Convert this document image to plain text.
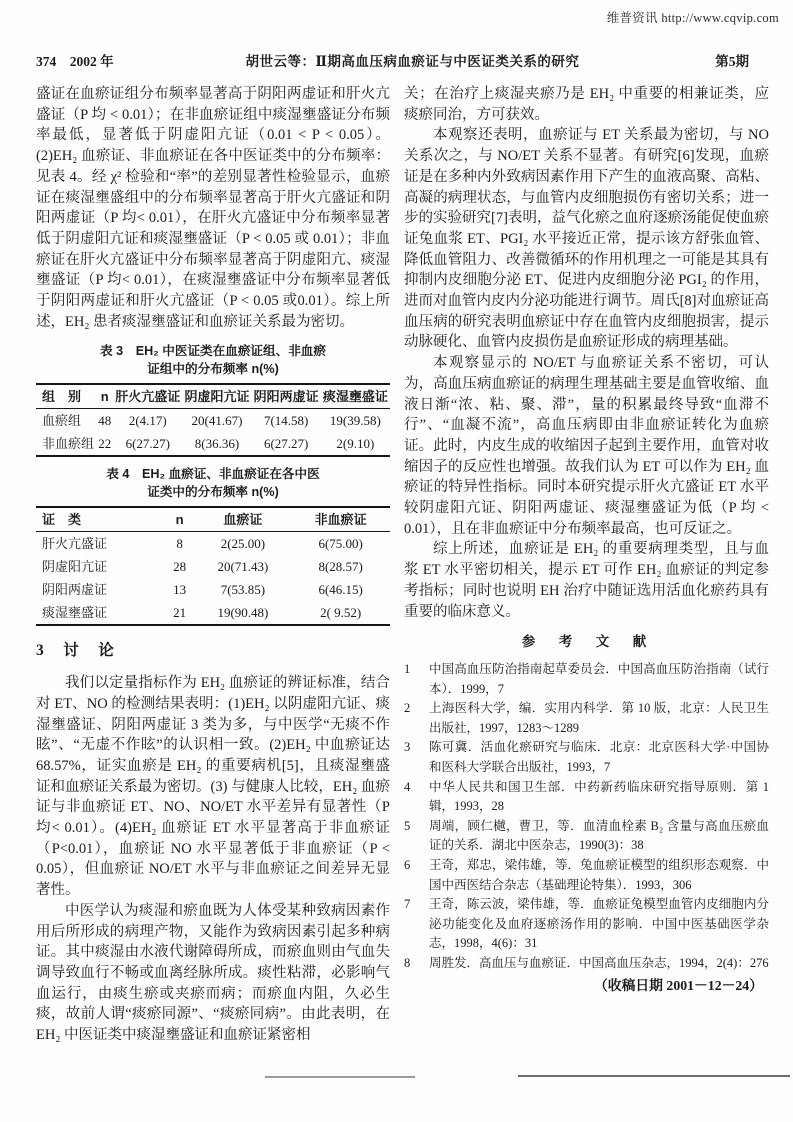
维普资讯 http://www.cqvip.com
374　2002 年	胡世云等：Ⅱ期高血压病血瘀证与中医证类关系的研究	第5期

盛证在血瘀证组分布频率显著高于阴阳两虚证和肝火亢盛证（P 均 < 0.01）；在非血瘀证组中痰湿壅盛证分布频率最低，显著低于阴虚阳亢证（0.01 < P < 0.05）。(2)EH₂ 血瘀证、非血瘀证在各中医证类中的分布频率：见表 4。经 χ² 检验和“率”的差别显著性检验显示，血瘀证在痰湿壅盛组中的分布频率显著高于肝火亢盛证和阴阳两虚证（P 均< 0.01），在肝火亢盛证中分布频率显著低于阴虚阳亢证和痰湿壅盛证（P < 0.05 或 0.01）；非血瘀证在肝火亢盛证中分布频率显著高于阴虚阳亢、痰湿壅盛证（P 均< 0.01），在痰湿壅盛证中分布频率显著低于阴阳两虚证和肝火亢盛证（P < 0.05 或0.01）。综上所述，EH₂ 患者痰湿壅盛证和血瘀证关系最为密切。

表 3　EH₂ 中医证类在血瘀证组、非血瘀
证组中的分布频率 n(%)
组　别	n	肝火亢盛证	阴虚阳亢证	阴阳两虚证	痰湿壅盛证
血瘀组	48	2(4.17)	20(41.67)	7(14.58)	19(39.58)
非血瘀组	22	6(27.27)	8(36.36)	6(27.27)	2(9.10)
表 4　EH₂ 血瘀证、非血瘀证在各中医
证类中的分布频率 n(%)
证　类	n	血瘀证	非血瘀证
肝火亢盛证	8	2(25.00)	6(75.00)
阴虚阳亢证	28	20(71.43)	8(28.57)
阴阳两虚证	13	7(53.85)	6(46.15)
痰湿壅盛证	21	19(90.48)	2( 9.52)
3　讨　论

我们以定量指标作为 EH₂ 血瘀证的辨证标准，结合对 ET、NO 的检测结果表明：(1)EH₂ 以阴虚阳亢证、痰湿壅盛证、阴阳两虚证 3 类为多，与中医学“无痰不作眩”、“无虚不作眩”的认识相一致。(2)EH₂ 中血瘀证达 68.57%，证实血瘀是 EH₂ 的重要病机[5]，且痰湿壅盛证和血瘀证关系最为密切。(3) 与健康人比较，EH₂ 血瘀证与非血瘀证 ET、NO、NO/ET 水平差异有显著性（P 均< 0.01）。(4)EH₂ 血瘀证 ET 水平显著高于非血瘀证（P<0.01），血瘀证 NO 水平显著低于非血瘀证（P < 0.05），但血瘀证 NO/ET 水平与非血瘀证之间差异无显著性。

中医学认为痰湿和瘀血既为人体受某种致病因素作用后所形成的病理产物，又能作为致病因素引起多种病证。其中痰湿由水液代谢障碍所成，而瘀血则由气血失调导致血行不畅或血离经脉所成。痰性粘滞，必影响气血运行，由痰生瘀或夹瘀而病；而瘀血内阻，久必生痰，故前人谓“痰瘀同源”、“痰瘀同病”。由此表明，在 EH₂ 中医证类中痰湿壅盛证和血瘀证紧密相

关；在治疗上痰湿夹瘀乃是 EH₂ 中重要的相兼证类，应痰瘀同治，方可获效。

本观察还表明，血瘀证与 ET 关系最为密切，与 NO 关系次之，与 NO/ET 关系不显著。有研究[6]发现，血瘀证是在多种内外致病因素作用下产生的血液高聚、高粘、高凝的病理状态，与血管内皮细胞损伤有密切关系；进一步的实验研究[7]表明，益气化瘀之血府逐瘀汤能促使血瘀证兔血浆 ET、PGI₂ 水平接近正常，提示该方舒张血管、降低血管阻力、改善微循环的作用机理之一可能是其具有抑制内皮细胞分泌 ET、促进内皮细胞分泌 PGI₂ 的作用，进而对血管内皮内分泌功能进行调节。周氏[8]对血瘀证高血压病的研究表明血瘀证中存在血管内皮细胞损害，提示动脉硬化、血管内皮损伤是血瘀证形成的病理基础。

本观察显示的 NO/ET 与血瘀证关系不密切，可认为，高血压病血瘀证的病理生理基础主要是血管收缩、血液日渐“浓、粘、聚、滞”，量的积累最终导致“血滞不行”、“血凝不流”，高血压病即由非血瘀证转化为血瘀证。此时，内皮生成的收缩因子起到主要作用，血管对收缩因子的反应性也增强。故我们认为 ET 可以作为 EH₂ 血瘀证的特异性指标。同时本研究提示肝火亢盛证 ET 水平较阴虚阳亢证、阴阳两虚证、痰湿壅盛证为低（P 均 < 0.01），且在非血瘀证中分布频率最高，也可反证之。

综上所述，血瘀证是 EH₂ 的重要病理类型，且与血浆 ET 水平密切相关，提示 ET 可作 EH₂ 血瘀证的判定参考指标；同时也说明 EH 治疗中随证选用活血化瘀药具有重要的临床意义。

参　考　文　献
1	中国高血压防治指南起草委员会．中国高血压防治指南（试行本）．1999，7
2	上海医科大学，编．实用内科学．第 10 版，北京：人民卫生出版社，1997，1283～1289
3	陈可冀．活血化瘀研究与临床．北京：北京医科大学·中国协和医科大学联合出版社，1993，7
4	中华人民共和国卫生部．中药新药临床研究指导原则．第 1 辑，1993，28
5	周端，顾仁樾，曹卫，等．血清血栓素 B₂ 含量与高血压瘀血证的关系．湖北中医杂志，1990(3)：38
6	王奇，郑忠，梁伟雄，等．兔血瘀证模型的组织形态观察．中国中西医结合杂志（基础理论特集）．1993，306
7	王奇，陈云波，梁伟雄，等．血瘀证兔模型血管内皮细胞内分泌功能变化及血府逐瘀汤作用的影响．中国中医基础医学杂志，1998，4(6)：31
8	周胜发．高血压与血瘀证．中国高血压杂志，1994，2(4)：276
（收稿日期 2001－12－24）
